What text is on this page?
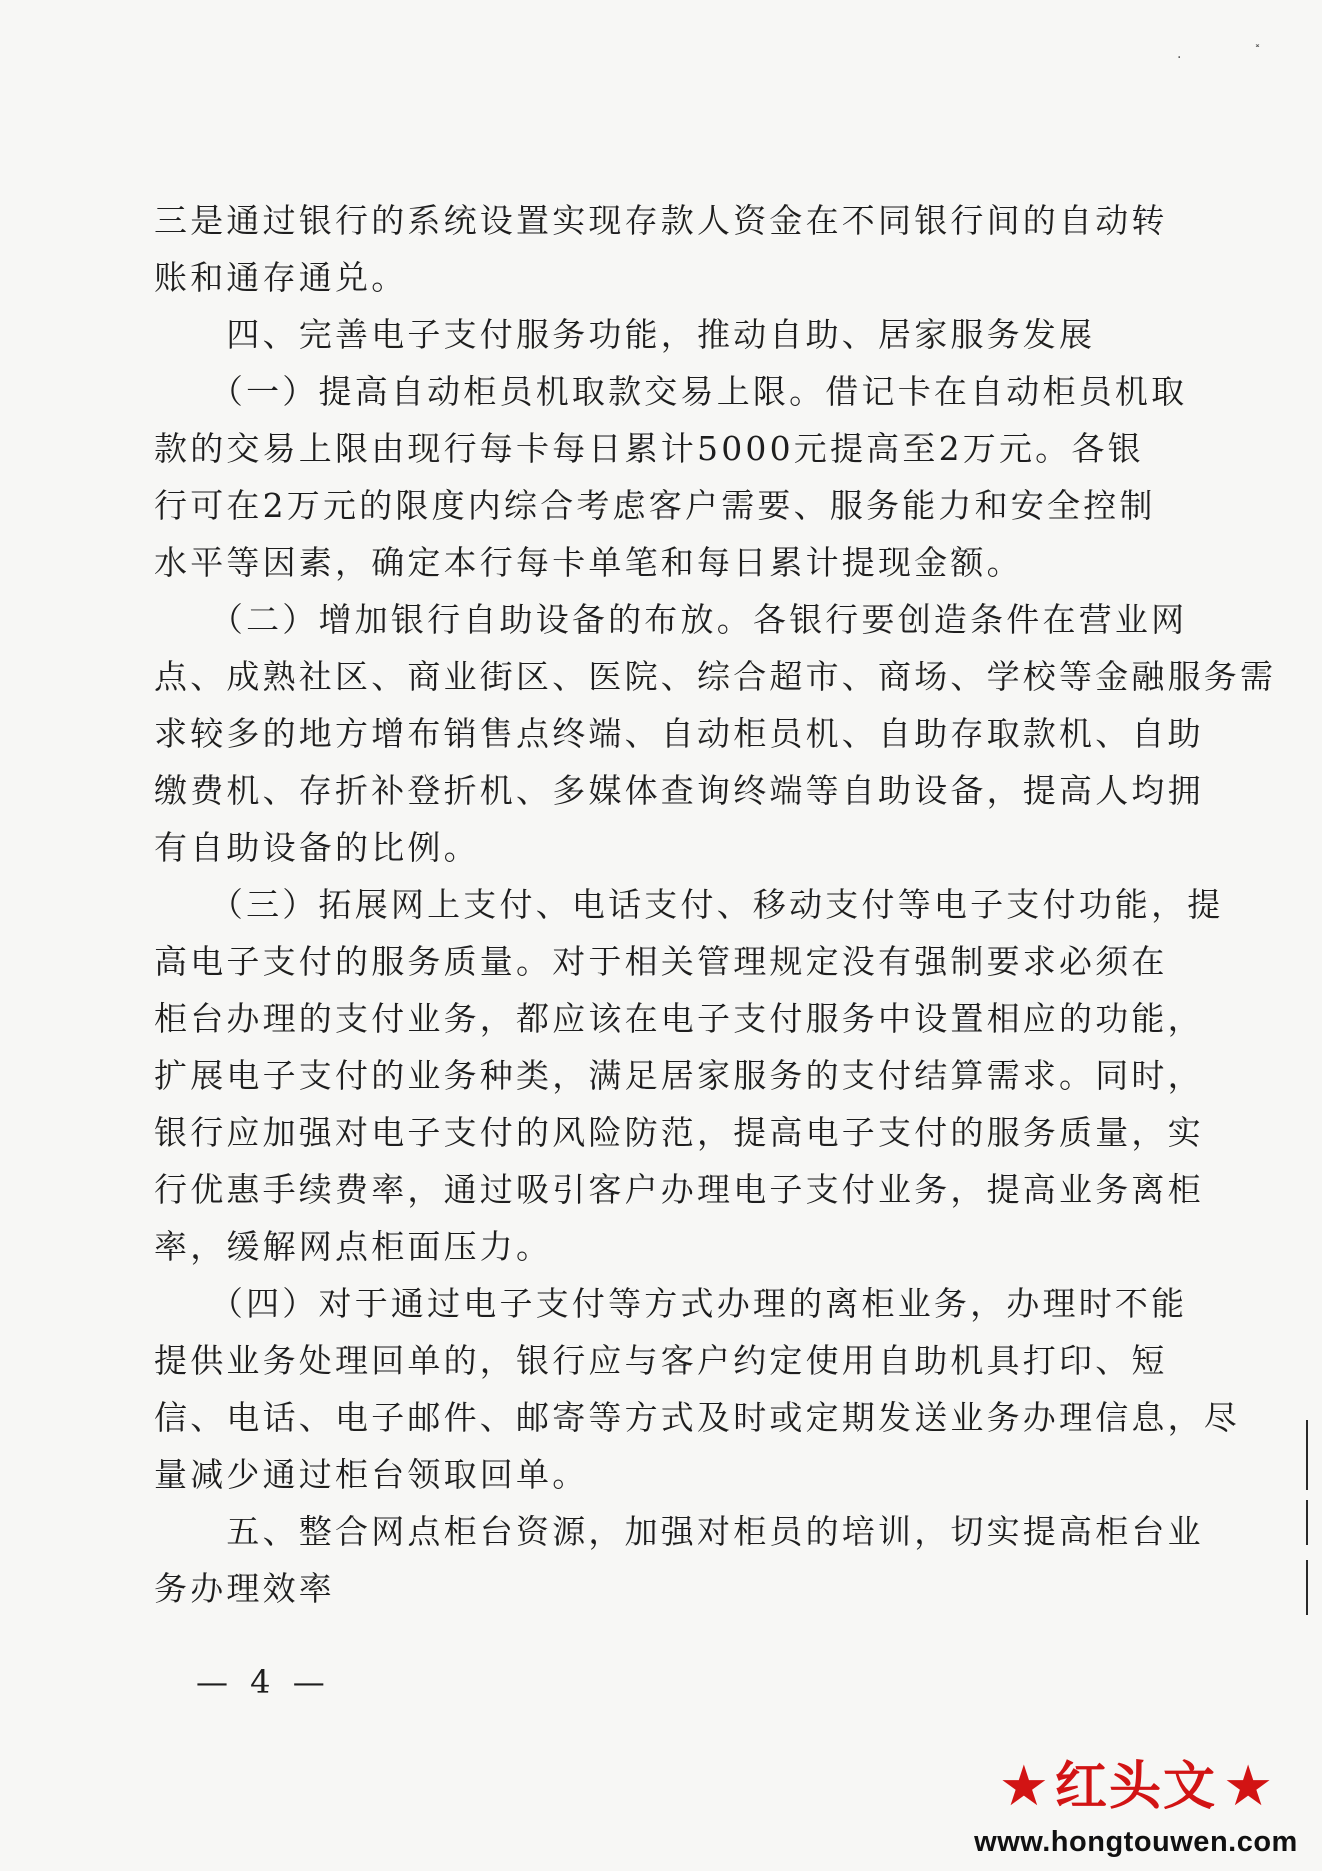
·	˟
三是通过银行的系统设置实现存款人资金在不同银行间的自动转
账和通存通兑。
　　四、完善电子支付服务功能，推动自助、居家服务发展
　　（一）提高自动柜员机取款交易上限。借记卡在自动柜员机取
款的交易上限由现行每卡每日累计5000元提高至2万元。各银
行可在2万元的限度内综合考虑客户需要、服务能力和安全控制
水平等因素，确定本行每卡单笔和每日累计提现金额。
　　（二）增加银行自助设备的布放。各银行要创造条件在营业网
点、成熟社区、商业街区、医院、综合超市、商场、学校等金融服务需
求较多的地方增布销售点终端、自动柜员机、自助存取款机、自助
缴费机、存折补登折机、多媒体查询终端等自助设备，提高人均拥
有自助设备的比例。
　　（三）拓展网上支付、电话支付、移动支付等电子支付功能，提
高电子支付的服务质量。对于相关管理规定没有强制要求必须在
柜台办理的支付业务，都应该在电子支付服务中设置相应的功能，
扩展电子支付的业务种类，满足居家服务的支付结算需求。同时，
银行应加强对电子支付的风险防范，提高电子支付的服务质量，实
行优惠手续费率，通过吸引客户办理电子支付业务，提高业务离柜
率，缓解网点柜面压力。
　　（四）对于通过电子支付等方式办理的离柜业务，办理时不能
提供业务处理回单的，银行应与客户约定使用自助机具打印、短
信、电话、电子邮件、邮寄等方式及时或定期发送业务办理信息，尽
量减少通过柜台领取回单。
　　五、整合网点柜台资源，加强对柜员的培训，切实提高柜台业
务办理效率
— 4 —
★ 红头文 ★
www.hongtouwen.com
